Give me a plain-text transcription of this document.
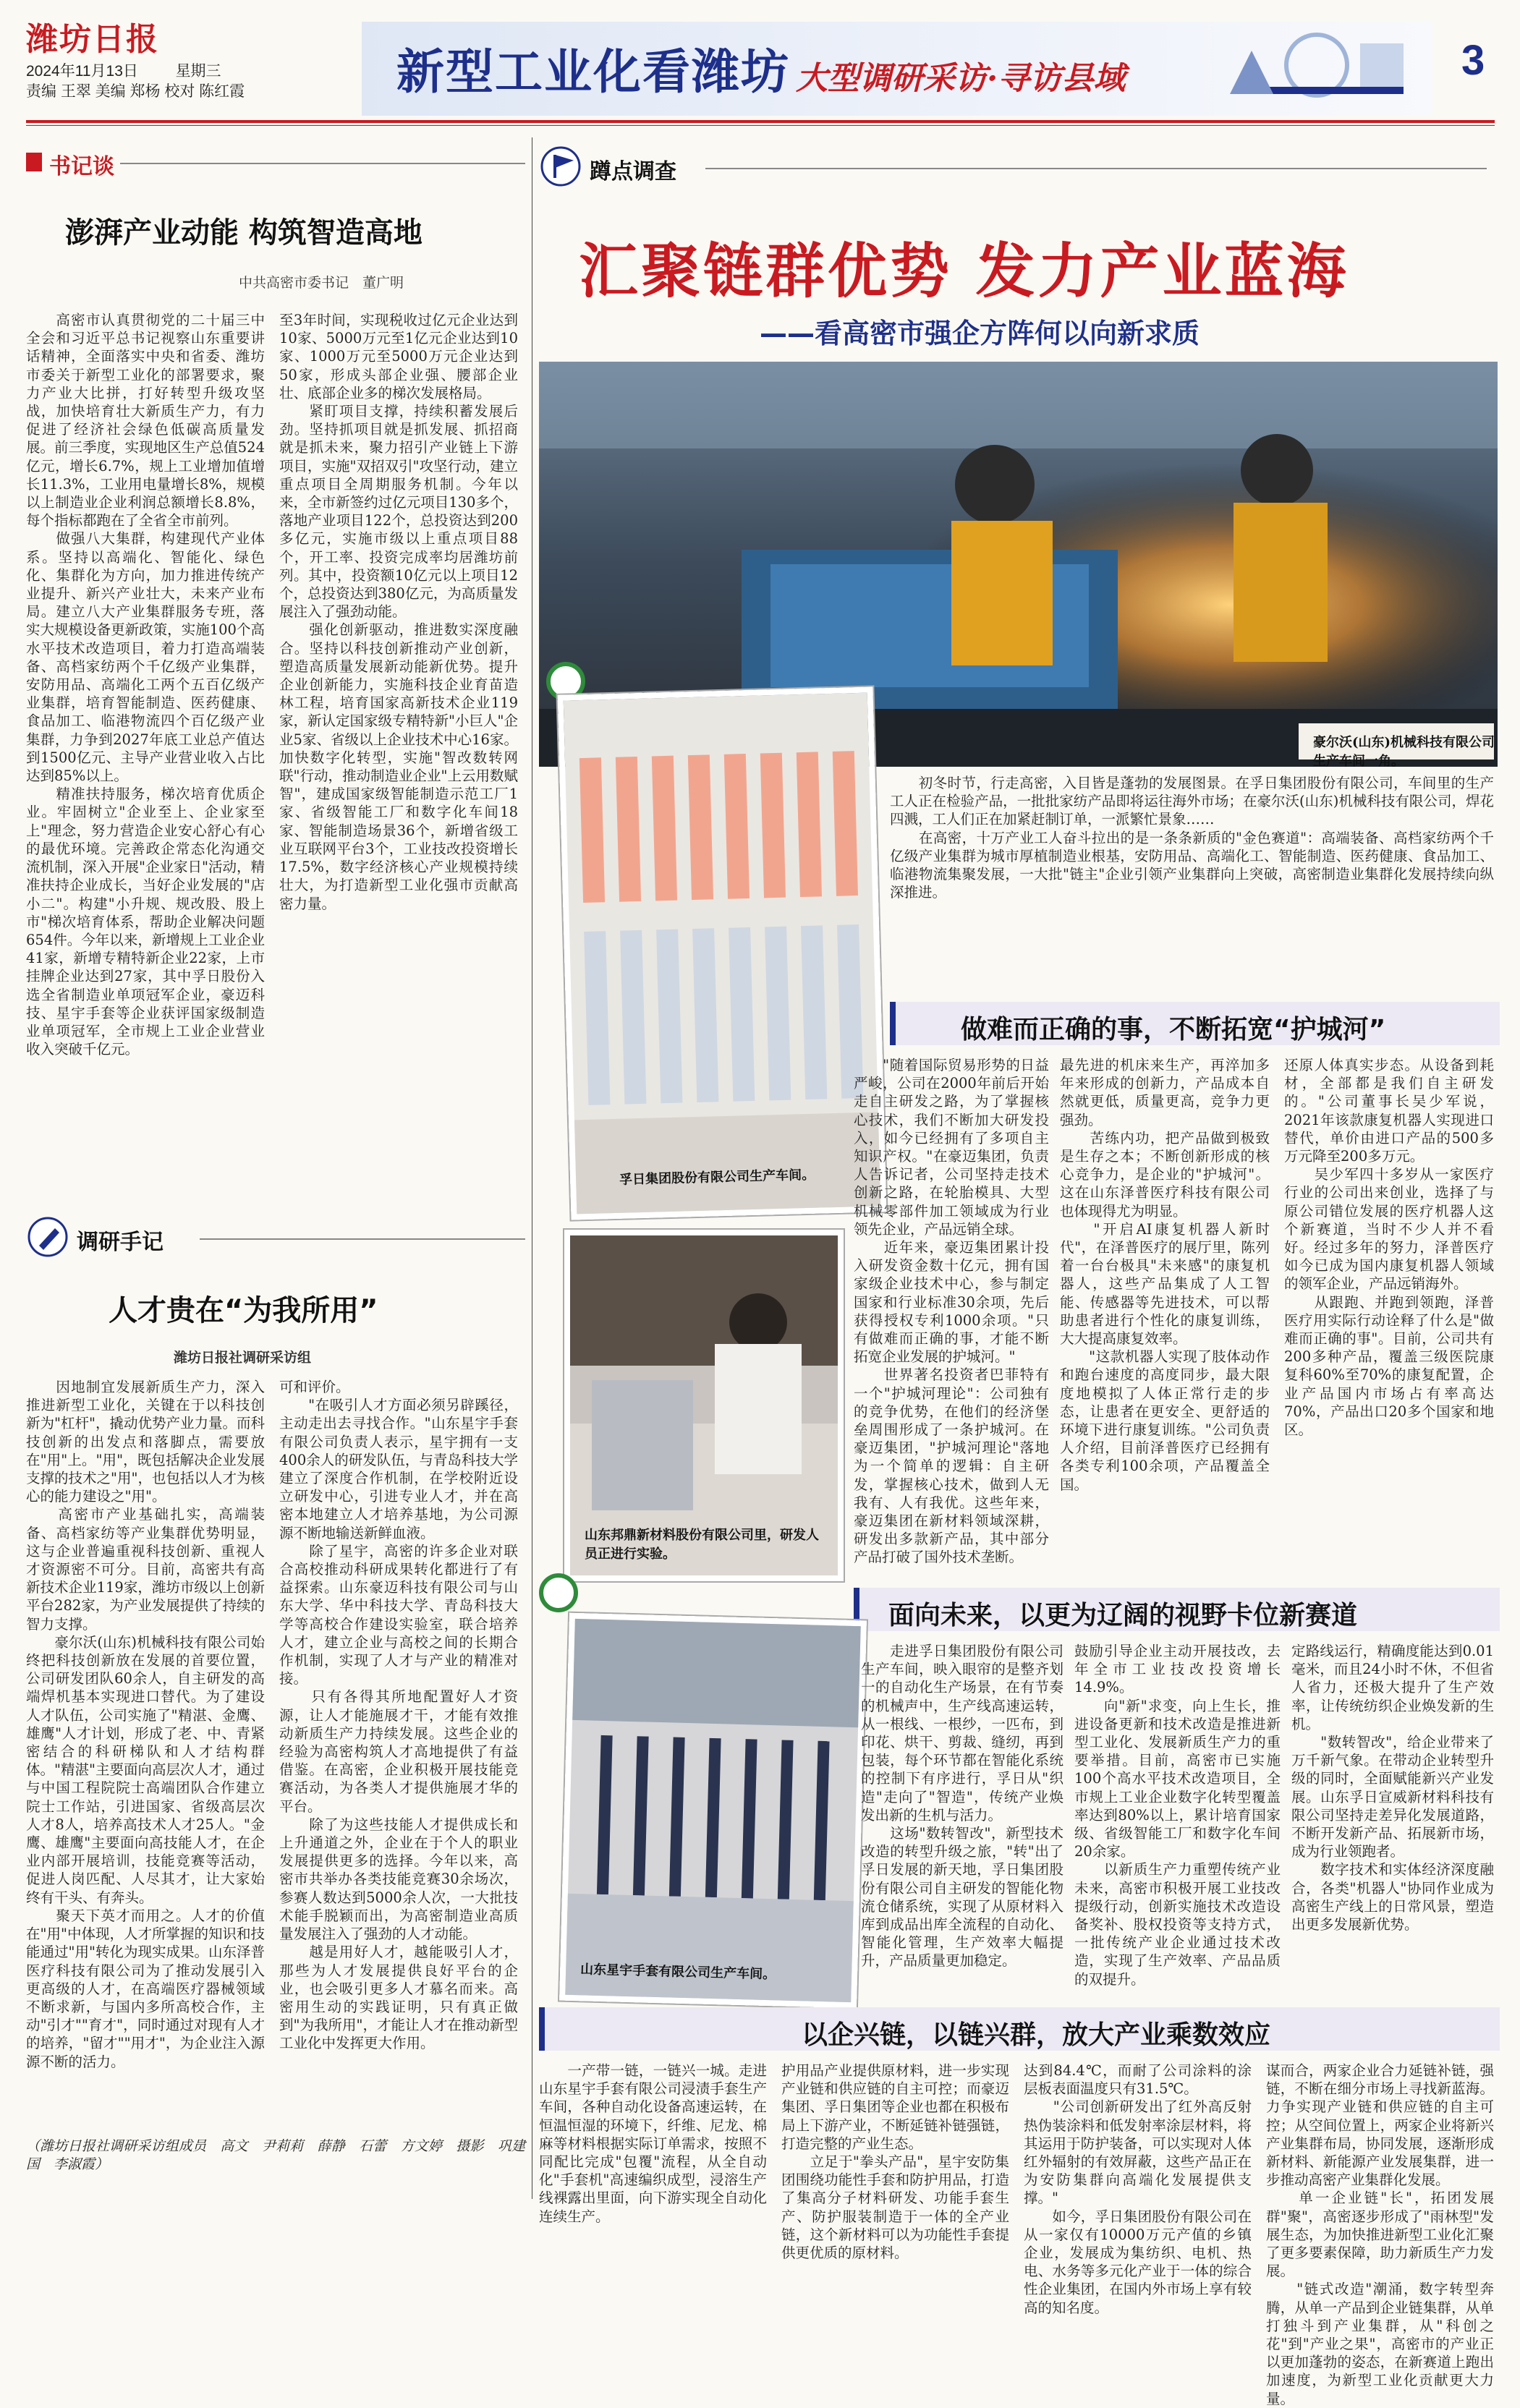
潍坊日报
2024年11月13日 星期三
责编 王翠 美编 郑杨 校对 陈红霞	新型工业化看潍坊 大型调研采访·寻访县域	3
书记谈
澎湃产业动能 构筑智造高地
中共高密市委书记　董广明
　　高密市认真贯彻党的二十届三中全会和习近平总书记视察山东重要讲话精神，全面落实中央和省委、潍坊市委关于新型工业化的部署要求，聚力产业大比拼，打好转型升级攻坚战，加快培育壮大新质生产力，有力促进了经济社会绿色低碳高质量发展。前三季度，实现地区生产总值524亿元，增长6.7%，规上工业增加值增长11.3%，工业用电量增长8%，规模以上制造业企业利润总额增长8.8%，每个指标都跑在了全省全市前列。
　　做强八大集群，构建现代产业体系。坚持以高端化、智能化、绿色化、集群化为方向，加力推进传统产业提升、新兴产业壮大，未来产业布局。建立八大产业集群服务专班，落实大规模设备更新政策，实施100个高水平技术改造项目，着力打造高端装备、高档家纺两个千亿级产业集群，安防用品、高端化工两个五百亿级产业集群，培育智能制造、医药健康、食品加工、临港物流四个百亿级产业集群，力争到2027年底工业总产值达到1500亿元、主导产业营业收入占比达到85%以上。
　　精准扶持服务，梯次培育优质企业。牢固树立"企业至上、企业家至上"理念，努力营造企业安心舒心有心的最优环境。完善政企常态化沟通交流机制，深入开展"企业家日"活动，精准扶持企业成长，当好企业发展的"店小二"。构建"小升规、规改股、股上市"梯次培育体系，帮助企业解决问题654件。今年以来，新增规上工业企业41家，新增专精特新企业22家，上市挂牌企业达到27家，其中孚日股份入选全省制造业单项冠军企业，豪迈科技、星宇手套等企业获评国家级制造业单项冠军，全市规上工业企业营业收入突破千亿元。
至3年时间，实现税收过亿元企业达到10家、5000万元至1亿元企业达到10家、1000万元至5000万元企业达到50家，形成头部企业强、腰部企业壮、底部企业多的梯次发展格局。
　　紧盯项目支撑，持续积蓄发展后劲。坚持抓项目就是抓发展、抓招商就是抓未来，聚力招引产业链上下游项目，实施"双招双引"攻坚行动，建立重点项目全周期服务机制。今年以来，全市新签约过亿元项目130多个，落地产业项目122个，总投资达到200多亿元，实施市级以上重点项目88个，开工率、投资完成率均居潍坊前列。其中，投资额10亿元以上项目12个，总投资达到380亿元，为高质量发展注入了强劲动能。
　　强化创新驱动，推进数实深度融合。坚持以科技创新推动产业创新，塑造高质量发展新动能新优势。提升企业创新能力，实施科技企业育苗造林工程，培育国家高新技术企业119家，新认定国家级专精特新"小巨人"企业5家、省级以上企业技术中心16家。加快数字化转型，实施"智改数转网联"行动，推动制造业企业"上云用数赋智"，建成国家级智能制造示范工厂1家、省级智能工厂和数字化车间18家、智能制造场景36个，新增省级工业互联网平台3个，工业技改投资增长17.5%，数字经济核心产业规模持续壮大，为打造新型工业化强市贡献高密力量。
调研手记
人才贵在“为我所用”
潍坊日报社调研采访组
　　因地制宜发展新质生产力，深入推进新型工业化，关键在于以科技创新为"杠杆"，撬动优势产业力量。而科技创新的出发点和落脚点，需要放在"用"上。"用"，既包括解决企业发展支撑的技术之"用"，也包括以人才为核心的能力建设之"用"。
　　高密市产业基础扎实，高端装备、高档家纺等产业集群优势明显，这与企业普遍重视科技创新、重视人才资源密不可分。目前，高密共有高新技术企业119家，潍坊市级以上创新平台282家，为产业发展提供了持续的智力支撑。
　　豪尔沃(山东)机械科技有限公司始终把科技创新放在发展的首要位置，公司研发团队60余人，自主研发的高端焊机基本实现进口替代。为了建设人才队伍，公司实施了"精湛、金鹰、雄鹰"人才计划，形成了老、中、青紧密结合的科研梯队和人才结构群体。"精湛"主要面向高层次人才，通过与中国工程院院士高端团队合作建立院士工作站，引进国家、省级高层次人才8人，培养高技术人才25人。"金鹰、雄鹰"主要面向高技能人才，在企业内部开展培训，技能竞赛等活动，促进人岗匹配、人尽其才，让大家始终有干头、有奔头。
　　聚天下英才而用之。人才的价值在"用"中体现，人才所掌握的知识和技能通过"用"转化为现实成果。山东泽普医疗科技有限公司为了推动发展引入更高级的人才，在高端医疗器械领域不断求新，与国内多所高校合作，主动"引才""育才"，同时通过对现有人才的培养，"留才""用才"，为企业注入源源不断的活力。
可和评价。
　　"在吸引人才方面必须另辟蹊径，主动走出去寻找合作。"山东星宇手套有限公司负责人表示，星宇拥有一支400余人的研发队伍，与青岛科技大学建立了深度合作机制，在学校附近设立研发中心，引进专业人才，并在高密本地建立人才培养基地，为公司源源不断地输送新鲜血液。
　　除了星宇，高密的许多企业对联合高校推动科研成果转化都进行了有益探索。山东豪迈科技有限公司与山东大学、华中科技大学、青岛科技大学等高校合作建设实验室，联合培养人才，建立企业与高校之间的长期合作机制，实现了人才与产业的精准对接。
　　只有各得其所地配置好人才资源，让人才能施展才干，才能有效推动新质生产力持续发展。这些企业的经验为高密构筑人才高地提供了有益借鉴。在高密，企业积极开展技能竞赛活动，为各类人才提供施展才华的平台。
　　除了为这些技能人才提供成长和上升通道之外，企业在于个人的职业发展提供更多的选择。今年以来，高密市共举办各类技能竞赛30余场次，参赛人数达到5000余人次，一大批技术能手脱颖而出，为高密制造业高质量发展注入了强劲的人才动能。
　　越是用好人才，越能吸引人才，那些为人才发展提供良好平台的企业，也会吸引更多人才慕名而来。高密用生动的实践证明，只有真正做到"为我所用"，才能让人才在推动新型工业化中发挥更大作用。
（潍坊日报社调研采访组成员　高文　尹莉莉　薛静　石蕾　方文婷　摄影　巩建国　李淑霞）
蹲点调查
汇聚链群优势 发力产业蓝海
——看高密市强企方阵何以向新求质
豪尔沃(山东)机械科技有限公司生产车间一角。
孚日集团股份有限公司生产车间。
　　初冬时节，行走高密，入目皆是蓬勃的发展图景。在孚日集团股份有限公司，车间里的生产工人正在检验产品，一批批家纺产品即将运往海外市场；在豪尔沃(山东)机械科技有限公司，焊花四溅，工人们正在加紧赶制订单，一派繁忙景象……
　　在高密，十万产业工人奋斗拉出的是一条条新质的"金色赛道"：高端装备、高档家纺两个千亿级产业集群为城市厚植制造业根基，安防用品、高端化工、智能制造、医药健康、食品加工、临港物流集聚发展，一大批"链主"企业引领产业集群向上突破，高密制造业集群化发展持续向纵深推进。
做难而正确的事，不断拓宽“护城河”
　　"随着国际贸易形势的日益严峻，公司在2000年前后开始走自主研发之路，为了掌握核心技术，我们不断加大研发投入，如今已经拥有了多项自主知识产权。"在豪迈集团，负责人告诉记者，公司坚持走技术创新之路，在轮胎模具、大型机械零部件加工领域成为行业领先企业，产品远销全球。
　　近年来，豪迈集团累计投入研发资金数十亿元，拥有国家级企业技术中心，参与制定国家和行业标准30余项，先后获得授权专利1000余项。"只有做难而正确的事，才能不断拓宽企业发展的护城河。"
　　世界著名投资者巴菲特有一个"护城河理论"：公司独有的竞争优势，在他们的经济堡垒周围形成了一条护城河。在豪迈集团，"护城河理论"落地为一个简单的逻辑：自主研发，掌握核心技术，做到人无我有、人有我优。这些年来，豪迈集团在新材料领域深耕，研发出多款新产品，其中部分产品打破了国外技术垄断。
最先进的机床来生产，再淬加多年来形成的创新力，产品成本自然就更低，质量更高，竞争力更强劲。
　　苦练内功，把产品做到极致是生存之本；不断创新形成的核心竞争力，是企业的"护城河"。这在山东泽普医疗科技有限公司也体现得尤为明显。
　　"开启AI康复机器人新时代"，在泽普医疗的展厅里，陈列着一台台极具"未来感"的康复机器人，这些产品集成了人工智能、传感器等先进技术，可以帮助患者进行个性化的康复训练，大大提高康复效率。
　　"这款机器人实现了肢体动作和跑台速度的高度同步，最大限度地模拟了人体正常行走的步态，让患者在更安全、更舒适的环境下进行康复训练。"公司负责人介绍，目前泽普医疗已经拥有各类专利100余项，产品覆盖全国。
还原人体真实步态。从设备到耗材，全部都是我们自主研发的。"公司董事长吴少军说，2021年该款康复机器人实现进口替代，单价由进口产品的500多万元降至200多万元。
　　吴少军四十多岁从一家医疗行业的公司出来创业，选择了与原公司错位发展的医疗机器人这个新赛道，当时不少人并不看好。经过多年的努力，泽普医疗如今已成为国内康复机器人领域的领军企业，产品远销海外。
　　从跟跑、并跑到领跑，泽普医疗用实际行动诠释了什么是"做难而正确的事"。目前，公司共有200多种产品，覆盖三级医院康复科60%至70%的康复配置，企业产品国内市场占有率高达70%，产品出口20多个国家和地区。
山东邦鼎新材料股份有限公司里，研发人员正进行实验。
面向未来，以更为辽阔的视野卡位新赛道
山东星宇手套有限公司生产车间。
　　走进孚日集团股份有限公司生产车间，映入眼帘的是整齐划一的自动化生产场景，在有节奏的机械声中，生产线高速运转，从一根线、一根纱，一匹布，到印花、烘干、剪裁、缝纫，再到包装，每个环节都在智能化系统的控制下有序进行，孚日从"织造"走向了"智造"，传统产业焕发出新的生机与活力。
　　这场"数转智改"，新型技术改造的转型升级之旅，"转"出了孚日发展的新天地，孚日集团股份有限公司自主研发的智能化物流仓储系统，实现了从原材料入库到成品出库全流程的自动化、智能化管理，生产效率大幅提升，产品质量更加稳定。
鼓励引导企业主动开展技改，去年全市工业技改投资增长14.9%。
　　向"新"求变，向上生长，推进设备更新和技术改造是推进新型工业化、发展新质生产力的重要举措。目前，高密市已实施100个高水平技术改造项目，全市规上工业企业数字化转型覆盖率达到80%以上，累计培育国家级、省级智能工厂和数字化车间20余家。
　　以新质生产力重塑传统产业未来，高密市积极开展工业技改提级行动，创新实施技术改造设备奖补、股权投资等支持方式，一批传统产业企业通过技术改造，实现了生产效率、产品品质的双提升。
定路线运行，精确度能达到0.01毫米，而且24小时不休，不但省人省力，还极大提升了生产效率，让传统纺织企业焕发新的生机。
　　"数转智改"，给企业带来了万千新气象。在带动企业转型升级的同时，全面赋能新兴产业发展。山东孚日宣威新材料科技有限公司坚持走差异化发展道路，不断开发新产品、拓展新市场，成为行业领跑者。
　　数字技术和实体经济深度融合，各类"机器人"协同作业成为高密生产线上的日常风景，塑造出更多发展新优势。
以企兴链，以链兴群，放大产业乘数效应
　　一产带一链，一链兴一城。走进山东星宇手套有限公司浸渍手套生产车间，各种自动化设备高速运转，在恒温恒湿的环境下，纤维、尼龙、棉麻等材料根据实际订单需求，按照不同配比完成"包覆"流程，从全自动化"手套机"高速编织成型，浸溶生产线裸露出里面，向下游实现全自动化连续生产。
护用品产业提供原材料，进一步实现产业链和供应链的自主可控；而豪迈集团、孚日集团等企业也都在积极布局上下游产业，不断延链补链强链，打造完整的产业生态。
　　立足于"拳头产品"，星宇安防集团围绕功能性手套和防护用品，打造了集高分子材料研发、功能手套生产、防护服装制造于一体的全产业链，这个新材料可以为功能性手套提供更优质的原材料。
达到84.4℃，而耐了公司涂料的涂层板表面温度只有31.5℃。
　　"公司创新研发出了红外高反射热伪装涂料和低发射率涂层材料，将其运用于防护装备，可以实现对人体红外辐射的有效屏蔽，这些产品正在为安防集群向高端化发展提供支撑。"
　　如今，孚日集团股份有限公司在从一家仅有10000万元产值的乡镇企业，发展成为集纺织、电机、热电、水务等多元化产业于一体的综合性企业集团，在国内外市场上享有较高的知名度。
谋而合，两家企业合力延链补链，强链，不断在细分市场上寻找新蓝海。力争实现产业链和供应链的自主可控；从空间位置上，两家企业将新兴产业集群布局，协同发展，逐渐形成新材料、新能源产业发展集群，进一步推动高密产业集群化发展。
　　单一企业链"长"，拓团发展群"聚"，高密逐步形成了"雨林型"发展生态，为加快推进新型工业化汇聚了更多要素保障，助力新质生产力发展。
　　"链式改造"潮涌，数字转型奔腾，从单一产品到企业链集群，从单打独斗到产业集群，从"科创之花"到"产业之果"，高密市的产业正以更加蓬勃的姿态，在新赛道上跑出加速度，为新型工业化贡献更大力量。
